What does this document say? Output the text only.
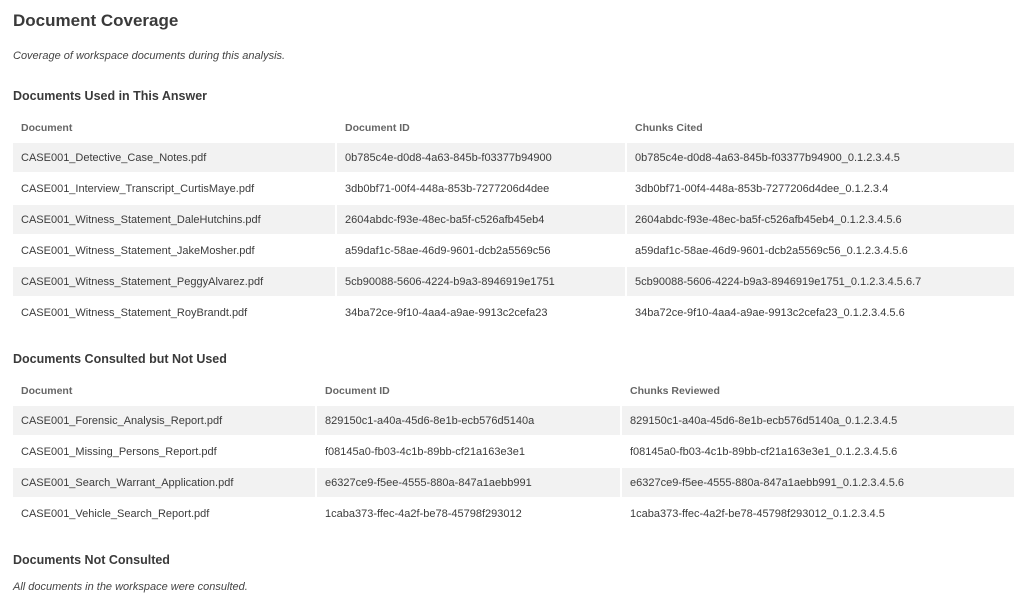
Document Coverage
Coverage of workspace documents during this analysis.
Documents Used in This Answer
Document	Document ID	Chunks Cited
CASE001_Detective_Case_Notes.pdf	0b785c4e-d0d8-4a63-845b-f03377b94900	0b785c4e-d0d8-4a63-845b-f03377b94900_0.1.2.3.4.5
CASE001_Interview_Transcript_CurtisMaye.pdf	3db0bf71-00f4-448a-853b-7277206d4dee	3db0bf71-00f4-448a-853b-7277206d4dee_0.1.2.3.4
CASE001_Witness_Statement_DaleHutchins.pdf	2604abdc-f93e-48ec-ba5f-c526afb45eb4	2604abdc-f93e-48ec-ba5f-c526afb45eb4_0.1.2.3.4.5.6
CASE001_Witness_Statement_JakeMosher.pdf	a59daf1c-58ae-46d9-9601-dcb2a5569c56	a59daf1c-58ae-46d9-9601-dcb2a5569c56_0.1.2.3.4.5.6
CASE001_Witness_Statement_PeggyAlvarez.pdf	5cb90088-5606-4224-b9a3-8946919e1751	5cb90088-5606-4224-b9a3-8946919e1751_0.1.2.3.4.5.6.7
CASE001_Witness_Statement_RoyBrandt.pdf	34ba72ce-9f10-4aa4-a9ae-9913c2cefa23	34ba72ce-9f10-4aa4-a9ae-9913c2cefa23_0.1.2.3.4.5.6
Documents Consulted but Not Used
Document	Document ID	Chunks Reviewed
CASE001_Forensic_Analysis_Report.pdf	829150c1-a40a-45d6-8e1b-ecb576d5140a	829150c1-a40a-45d6-8e1b-ecb576d5140a_0.1.2.3.4.5
CASE001_Missing_Persons_Report.pdf	f08145a0-fb03-4c1b-89bb-cf21a163e3e1	f08145a0-fb03-4c1b-89bb-cf21a163e3e1_0.1.2.3.4.5.6
CASE001_Search_Warrant_Application.pdf	e6327ce9-f5ee-4555-880a-847a1aebb991	e6327ce9-f5ee-4555-880a-847a1aebb991_0.1.2.3.4.5.6
CASE001_Vehicle_Search_Report.pdf	1caba373-ffec-4a2f-be78-45798f293012	1caba373-ffec-4a2f-be78-45798f293012_0.1.2.3.4.5
Documents Not Consulted
All documents in the workspace were consulted.
